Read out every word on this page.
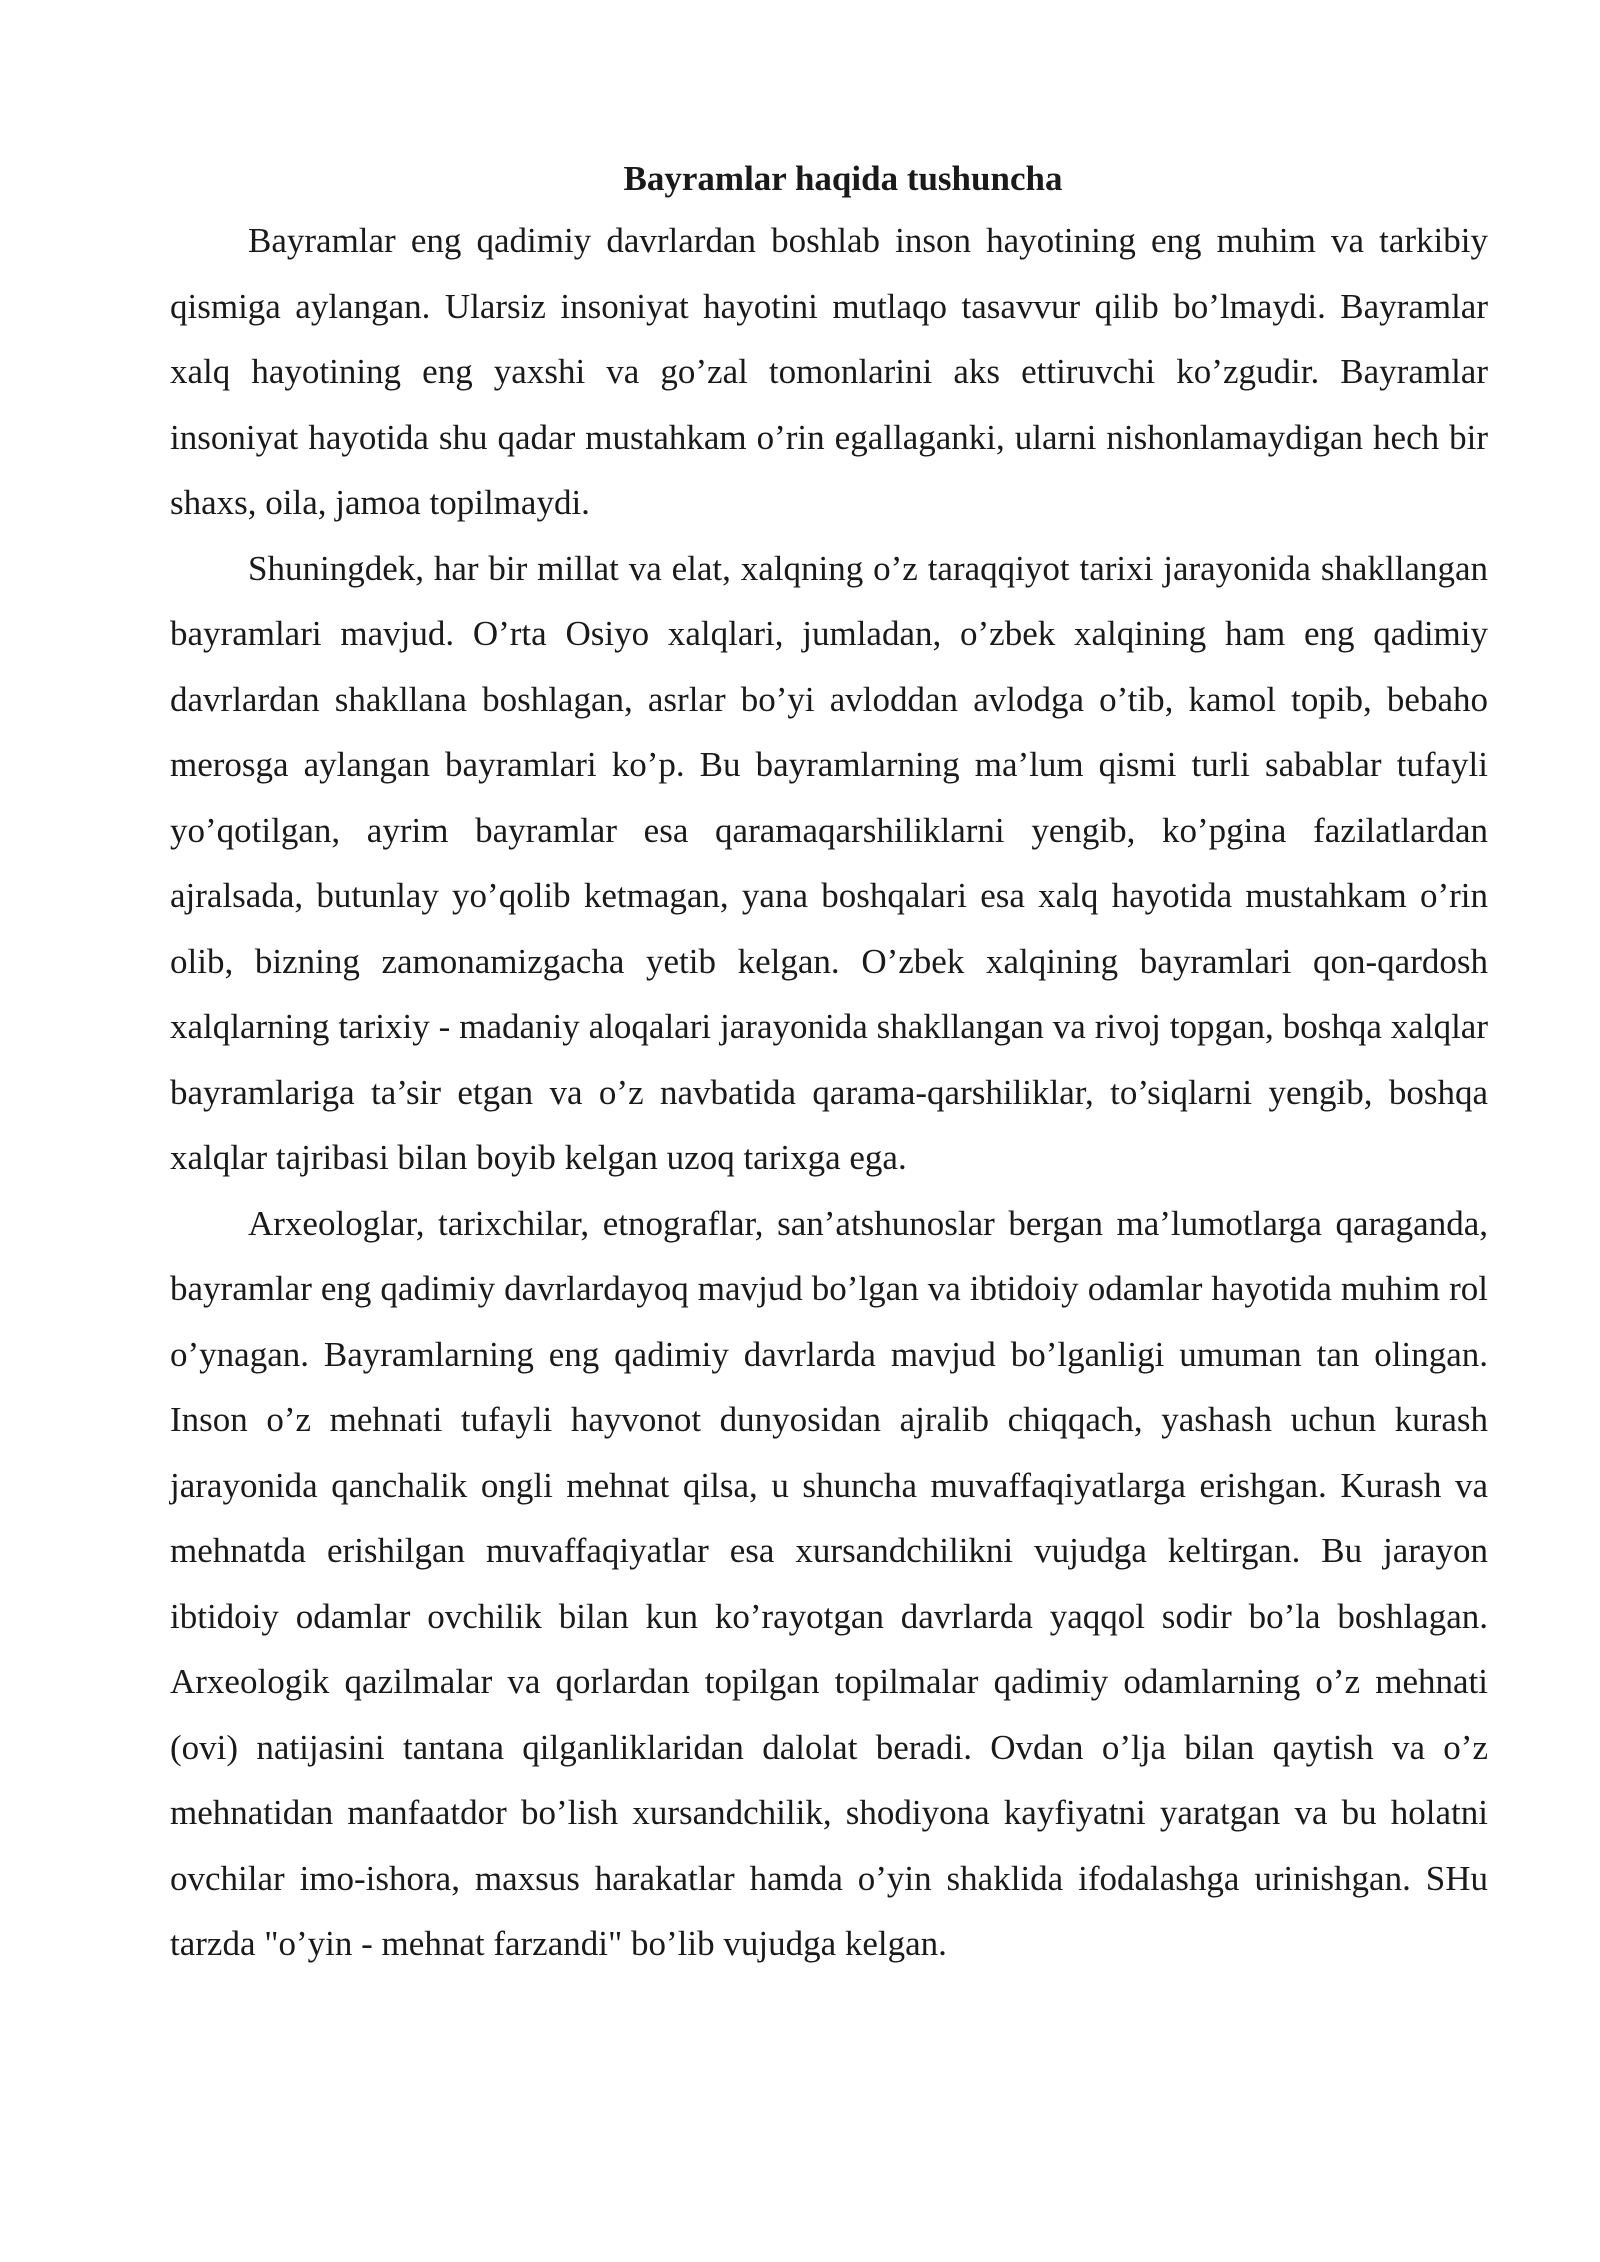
Bayramlar haqida tushuncha

Bayramlar eng qadimiy davrlardan boshlab inson hayotining eng muhim va tarkibiy qismiga aylangan. Ularsiz insoniyat hayotini mutlaqo tasavvur qilib bo’lmaydi. Bayramlar xalq hayotining eng yaxshi va go’zal tomonlarini aks ettiruvchi ko’zgudir. Bayramlar insoniyat hayotida shu qadar mustahkam o’rin egallaganki, ularni nishonlamaydigan hech bir shaxs, oila, jamoa topilmaydi.

Shuningdek, har bir millat va elat, xalqning o’z taraqqiyot tarixi jarayonida shakllangan bayramlari mavjud. O’rta Osiyo xalqlari, jumladan, o’zbek xalqining ham eng qadimiy davrlardan shakllana boshlagan, asrlar bo’yi avloddan avlodga o’tib, kamol topib, bebaho merosga aylangan bayramlari ko’p. Bu bayramlarning ma’lum qismi turli sabablar tufayli yo’qotilgan, ayrim bayramlar esa qaramaqarshiliklarni yengib, ko’pgina fazilatlardan ajralsada, butunlay yo’qolib ketmagan, yana boshqalari esa xalq hayotida mustahkam o’rin olib, bizning zamonamizgacha yetib kelgan. O’zbek xalqining bayramlari qon-qardosh xalqlarning tarixiy - madaniy aloqalari jarayonida shakllangan va rivoj topgan, boshqa xalqlar bayramlariga ta’sir etgan va o’z navbatida qarama-qarshiliklar, to’siqlarni yengib, boshqa xalqlar tajribasi bilan boyib kelgan uzoq tarixga ega.

Arxeologlar, tarixchilar, etnograflar, san’atshunoslar bergan ma’lumotlarga qaraganda, bayramlar eng qadimiy davrlardayoq mavjud bo’lgan va ibtidoiy odamlar hayotida muhim rol o’ynagan. Bayramlarning eng qadimiy davrlarda mavjud bo’lganligi umuman tan olingan. Inson o’z mehnati tufayli hayvonot dunyosidan ajralib chiqqach, yashash uchun kurash jarayonida qanchalik ongli mehnat qilsa, u shuncha muvaffaqiyatlarga erishgan. Kurash va mehnatda erishilgan muvaffaqiyatlar esa xursandchilikni vujudga keltirgan. Bu jarayon ibtidoiy odamlar ovchilik bilan kun ko’rayotgan davrlarda yaqqol sodir bo’la boshlagan. Arxeologik qazilmalar va qorlardan topilgan topilmalar qadimiy odamlarning o’z mehnati (ovi) natijasini tantana qilganliklaridan dalolat beradi. Ovdan o’lja bilan qaytish va o’z mehnatidan manfaatdor bo’lish xursandchilik, shodiyona kayfiyatni yaratgan va bu holatni ovchilar imo-ishora, maxsus harakatlar hamda o’yin shaklida ifodalashga urinishgan. SHu tarzda "o’yin - mehnat farzandi" bo’lib vujudga kelgan.
